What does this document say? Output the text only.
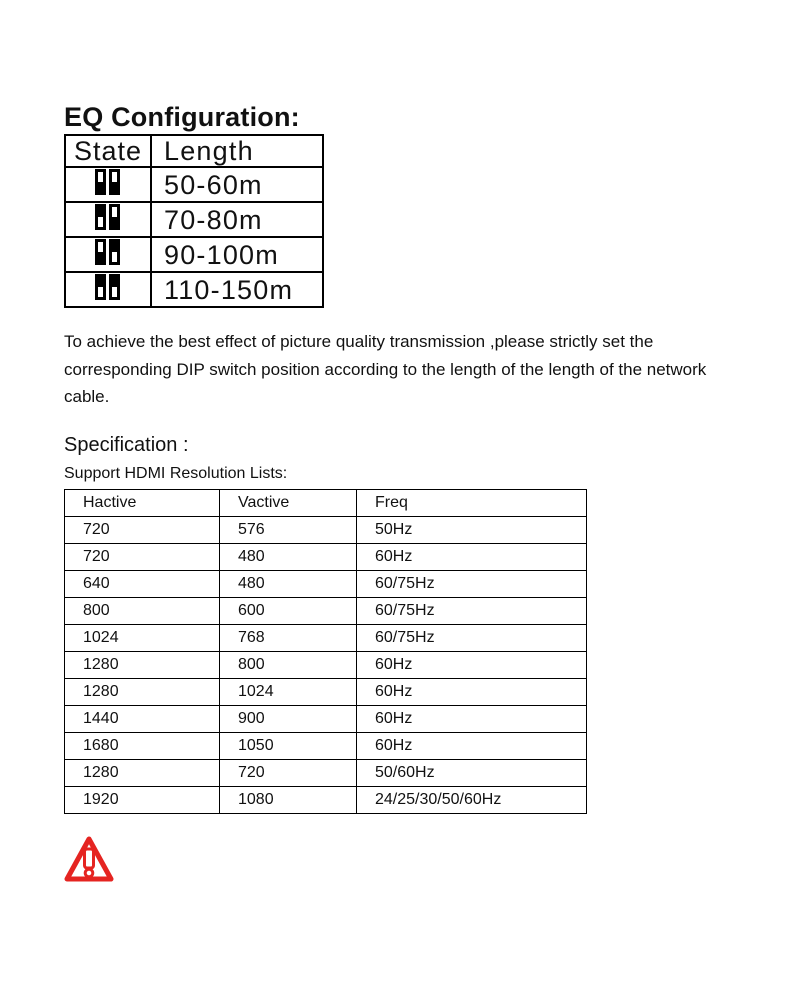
EQ Configuration:
State	Length
	50-60m
	70-80m
	90-100m
	110-150m
To achieve the best effect of picture quality transmission ,please strictly set the corresponding DIP switch position according to the length of the length of the network cable.
Specification :
Support HDMI Resolution Lists:
Hactive	Vactive	Freq
720	576	50Hz
720	480	60Hz
640	480	60/75Hz
800	600	60/75Hz
1024	768	60/75Hz
1280	800	60Hz
1280	1024	60Hz
1440	900	60Hz
1680	1050	60Hz
1280	720	50/60Hz
1920	1080	24/25/30/50/60Hz
